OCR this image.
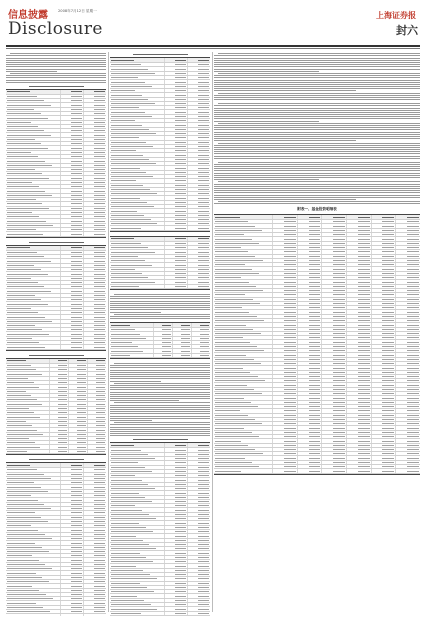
信息披露	2008年7月12日 星期一
Disclosure
上海证券报
封六
附表一、基金投资明细表
